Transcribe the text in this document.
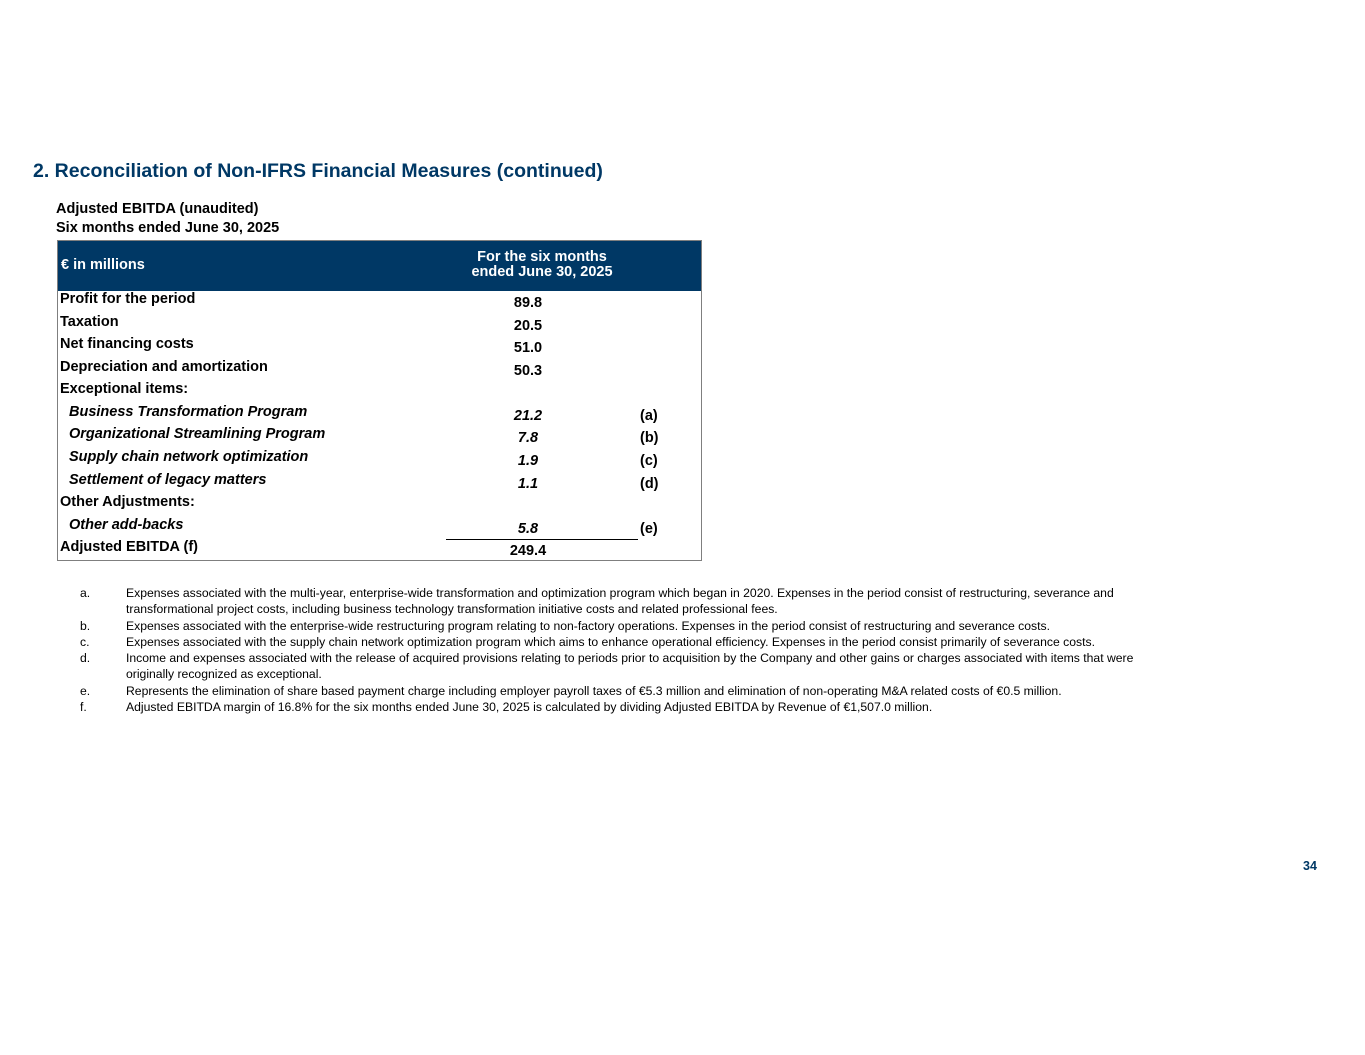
2. Reconciliation of Non-IFRS Financial Measures (continued)
Adjusted EBITDA (unaudited)
Six months ended June 30, 2025
€ in millions	For the six months
ended June 30, 2025
Profit for the period	89.8
Taxation	20.5
Net financing costs	51.0
Depreciation and amortization	50.3
Exceptional items:
Business Transformation Program	21.2	(a)
Organizational Streamlining Program	7.8	(b)
Supply chain network optimization	1.9	(c)
Settlement of legacy matters	1.1	(d)
Other Adjustments:
Other add-backs	5.8	(e)
Adjusted EBITDA (f)	249.4
a.	Expenses associated with the multi-year, enterprise-wide transformation and optimization program which began in 2020. Expenses in the period consist of restructuring, severance and transformational project costs, including business technology transformation initiative costs and related professional fees.
b.	Expenses associated with the enterprise-wide restructuring program relating to non-factory operations. Expenses in the period consist of restructuring and severance costs.
c.	Expenses associated with the supply chain network optimization program which aims to enhance operational efficiency. Expenses in the period consist primarily of severance costs.
d.	Income and expenses associated with the release of acquired provisions relating to periods prior to acquisition by the Company and other gains or charges associated with items that were originally recognized as exceptional.
e.	Represents the elimination of share based payment charge including employer payroll taxes of €5.3 million and elimination of non-operating M&A related costs of €0.5 million.
f.	Adjusted EBITDA margin of 16.8% for the six months ended June 30, 2025 is calculated by dividing Adjusted EBITDA by Revenue of €1,507.0 million.
34
